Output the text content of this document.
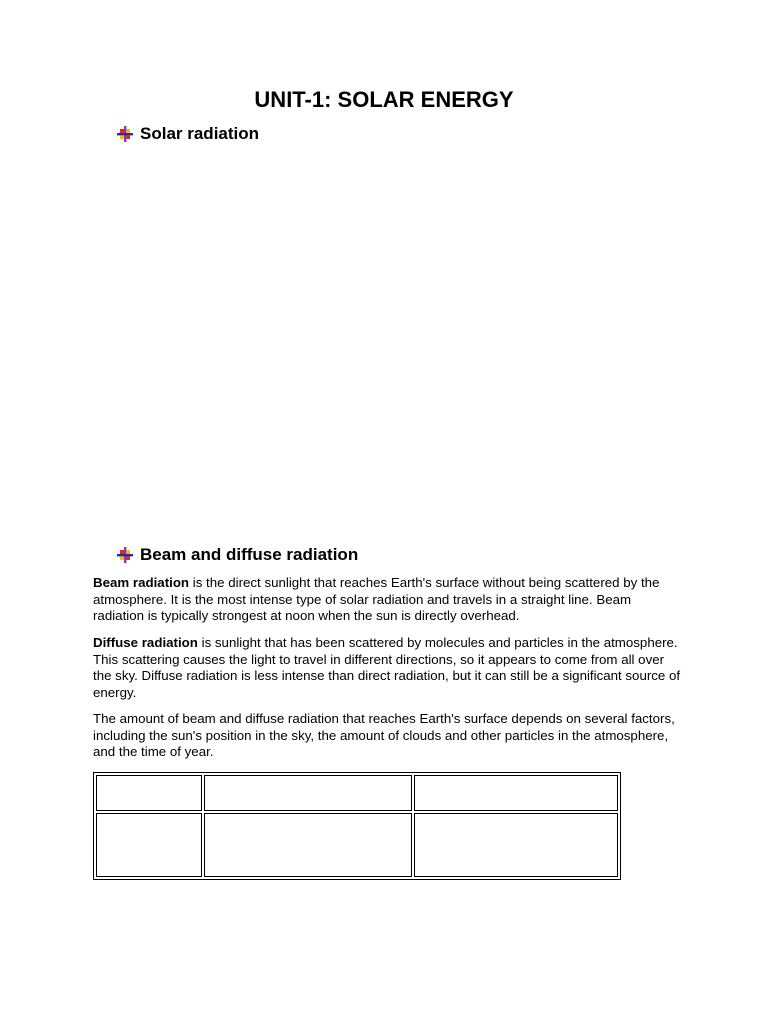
UNIT-1: SOLAR ENERGY
Solar radiation
Beam and diffuse radiation

Beam radiation is the direct sunlight that reaches Earth's surface without being scattered by the atmosphere. It is the most intense type of solar radiation and travels in a straight line. Beam radiation is typically strongest at noon when the sun is directly overhead.

Diffuse radiation is sunlight that has been scattered by molecules and particles in the atmosphere. This scattering causes the light to travel in different directions, so it appears to come from all over the sky. Diffuse radiation is less intense than direct radiation, but it can still be a significant source of energy.

The amount of beam and diffuse radiation that reaches Earth's surface depends on several factors, including the sun's position in the sky, the amount of clouds and other particles in the atmosphere, and the time of year.
